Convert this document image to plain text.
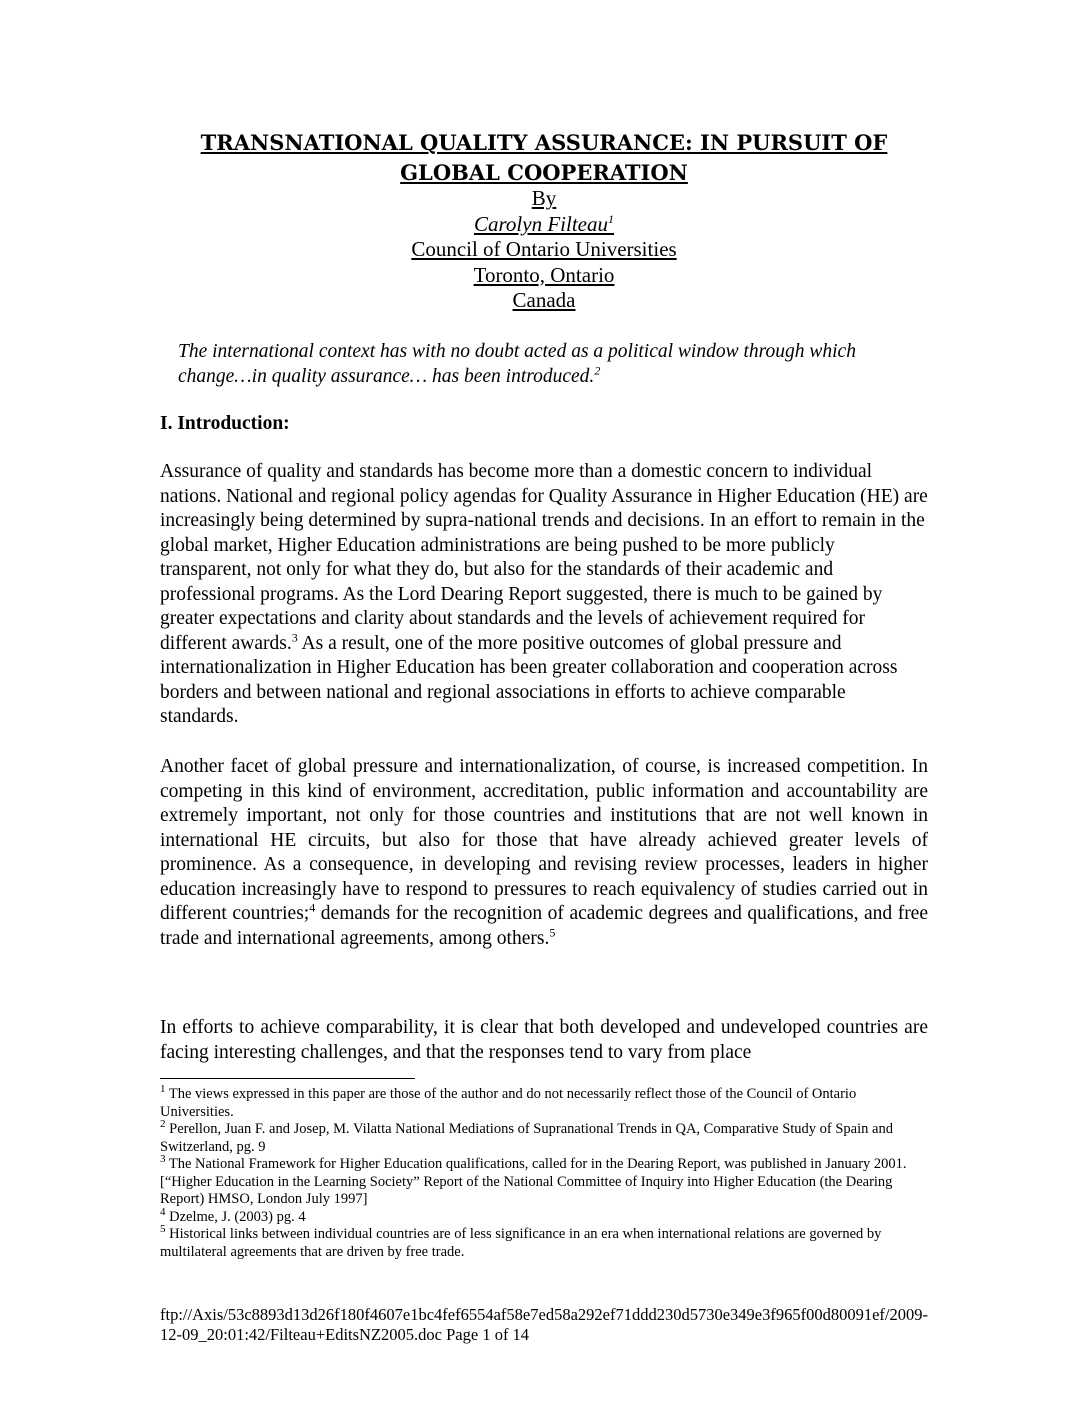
TRANSNATIONAL QUALITY ASSURANCE: IN PURSUIT OF GLOBAL COOPERATION
By
Carolyn Filteau$^1$
Council of Ontario Universities
Toronto, Ontario
Canada
The international context has with no doubt acted as a political window through which change…in quality assurance… has been introduced.$^2$
I. Introduction:

Assurance of quality and standards has become more than a domestic concern to individual nations. National and regional policy agendas for Quality Assurance in Higher Education (HE) are increasingly being determined by supra-national trends and decisions. In an effort to remain in the global market, Higher Education administrations are being pushed to be more publicly transparent, not only for what they do, but also for the standards of their academic and professional programs. As the Lord Dearing Report suggested, there is much to be gained by greater expectations and clarity about standards and the levels of achievement required for different awards.$^3$ As a result, one of the more positive outcomes of global pressure and internationalization in Higher Education has been greater collaboration and cooperation across borders and between national and regional associations in efforts to achieve comparable standards.

Another facet of global pressure and internationalization, of course, is increased competition. In competing in this kind of environment, accreditation, public information and accountability are extremely important, not only for those countries and institutions that are not well known in international HE circuits, but also for those that have already achieved greater levels of prominence. As a consequence, in developing and revising review processes, leaders in higher education increasingly have to respond to pressures to reach equivalency of studies carried out in different countries;$^4$ demands for the recognition of academic degrees and qualifications, and free trade and international agreements, among others.$^5$

In efforts to achieve comparability, it is clear that both developed and undeveloped countries are facing interesting challenges, and that the responses tend to vary from place

$^1$ The views expressed in this paper are those of the author and do not necessarily reflect those of the Council of Ontario Universities.

$^2$ Perellon, Juan F. and Josep, M. Vilatta National Mediations of Supranational Trends in QA, Comparative Study of Spain and Switzerland, pg. 9

$^3$ The National Framework for Higher Education qualifications, called for in the Dearing Report, was published in January 2001. [“Higher Education in the Learning Society” Report of the National Committee of Inquiry into Higher Education (the Dearing Report) HMSO, London July 1997]

$^4$ Dzelme, J. (2003) pg. 4

$^5$ Historical links between individual countries are of less significance in an era when international relations are governed by multilateral agreements that are driven by free trade.

ftp://Axis/53c8893d13d26f180f4607e1bc4fef6554af58e7ed58a292ef71ddd230d5730e349e3f965f00d80091ef/2009-12-09_20:01:42/Filteau+EditsNZ2005.doc Page 1 of 14
